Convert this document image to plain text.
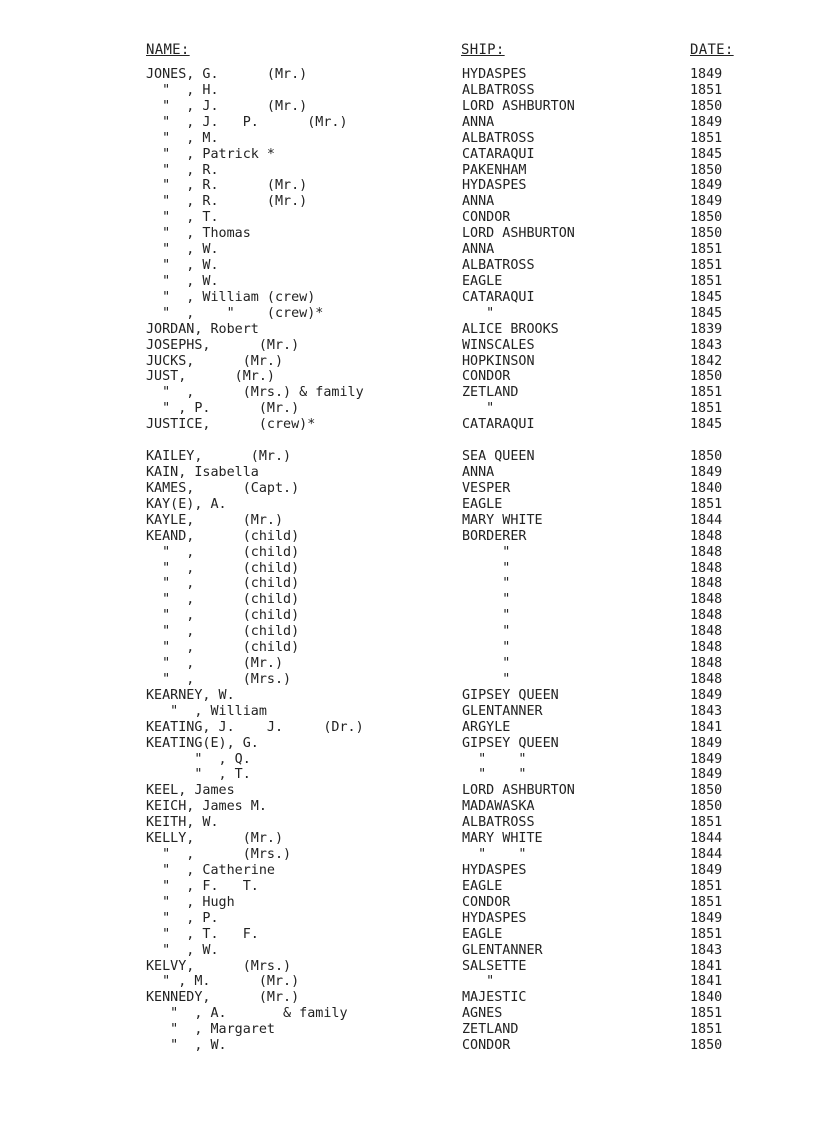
NAME:	SHIP:	DATE:
JONES, G.      (Mr.)	HYDASPES	1849
"  , H.	ALBATROSS	1851
"  , J.      (Mr.)	LORD ASHBURTON	1850
"  , J.   P.      (Mr.)	ANNA	1849
"  , M.	ALBATROSS	1851
"  , Patrick *	CATARAQUI	1845
"  , R.	PAKENHAM	1850
"  , R.      (Mr.)	HYDASPES	1849
"  , R.      (Mr.)	ANNA	1849
"  , T.	CONDOR	1850
"  , Thomas	LORD ASHBURTON	1850
"  , W.	ANNA	1851
"  , W.	ALBATROSS	1851
"  , W.	EAGLE	1851
"  , William (crew)	CATARAQUI	1845
"  ,    "    (crew)*	"	1845
JORDAN, Robert	ALICE BROOKS	1839
JOSEPHS,      (Mr.)	WINSCALES	1843
JUCKS,      (Mr.)	HOPKINSON	1842
JUST,      (Mr.)	CONDOR	1850
"  ,      (Mrs.) & family	ZETLAND	1851
" , P.      (Mr.)	"	1851
JUSTICE,      (crew)*	CATARAQUI	1845
KAILEY,      (Mr.)	SEA QUEEN	1850
KAIN, Isabella	ANNA	1849
KAMES,      (Capt.)	VESPER	1840
KAY(E), A.	EAGLE	1851
KAYLE,      (Mr.)	MARY WHITE	1844
KEAND,      (child)	BORDERER	1848
"  ,      (child)	"	1848
"  ,      (child)	"	1848
"  ,      (child)	"	1848
"  ,      (child)	"	1848
"  ,      (child)	"	1848
"  ,      (child)	"	1848
"  ,      (child)	"	1848
"  ,      (Mr.)	"	1848
"  ,      (Mrs.)	"	1848
KEARNEY, W.	GIPSEY QUEEN	1849
"  , William	GLENTANNER	1843
KEATING, J.    J.     (Dr.)	ARGYLE	1841
KEATING(E), G.	GIPSEY QUEEN	1849
"  , Q.	"    "	1849
"  , T.	"    "	1849
KEEL, James	LORD ASHBURTON	1850
KEICH, James M.	MADAWASKA	1850
KEITH, W.	ALBATROSS	1851
KELLY,      (Mr.)	MARY WHITE	1844
"  ,      (Mrs.)	"    "	1844
"  , Catherine	HYDASPES	1849
"  , F.   T.	EAGLE	1851
"  , Hugh	CONDOR	1851
"  , P.	HYDASPES	1849
"  , T.   F.	EAGLE	1851
"  , W.	GLENTANNER	1843
KELVY,      (Mrs.)	SALSETTE	1841
" , M.      (Mr.)	"	1841
KENNEDY,      (Mr.)	MAJESTIC	1840
"  , A.       & family	AGNES	1851
"  , Margaret	ZETLAND	1851
"  , W.	CONDOR	1850
